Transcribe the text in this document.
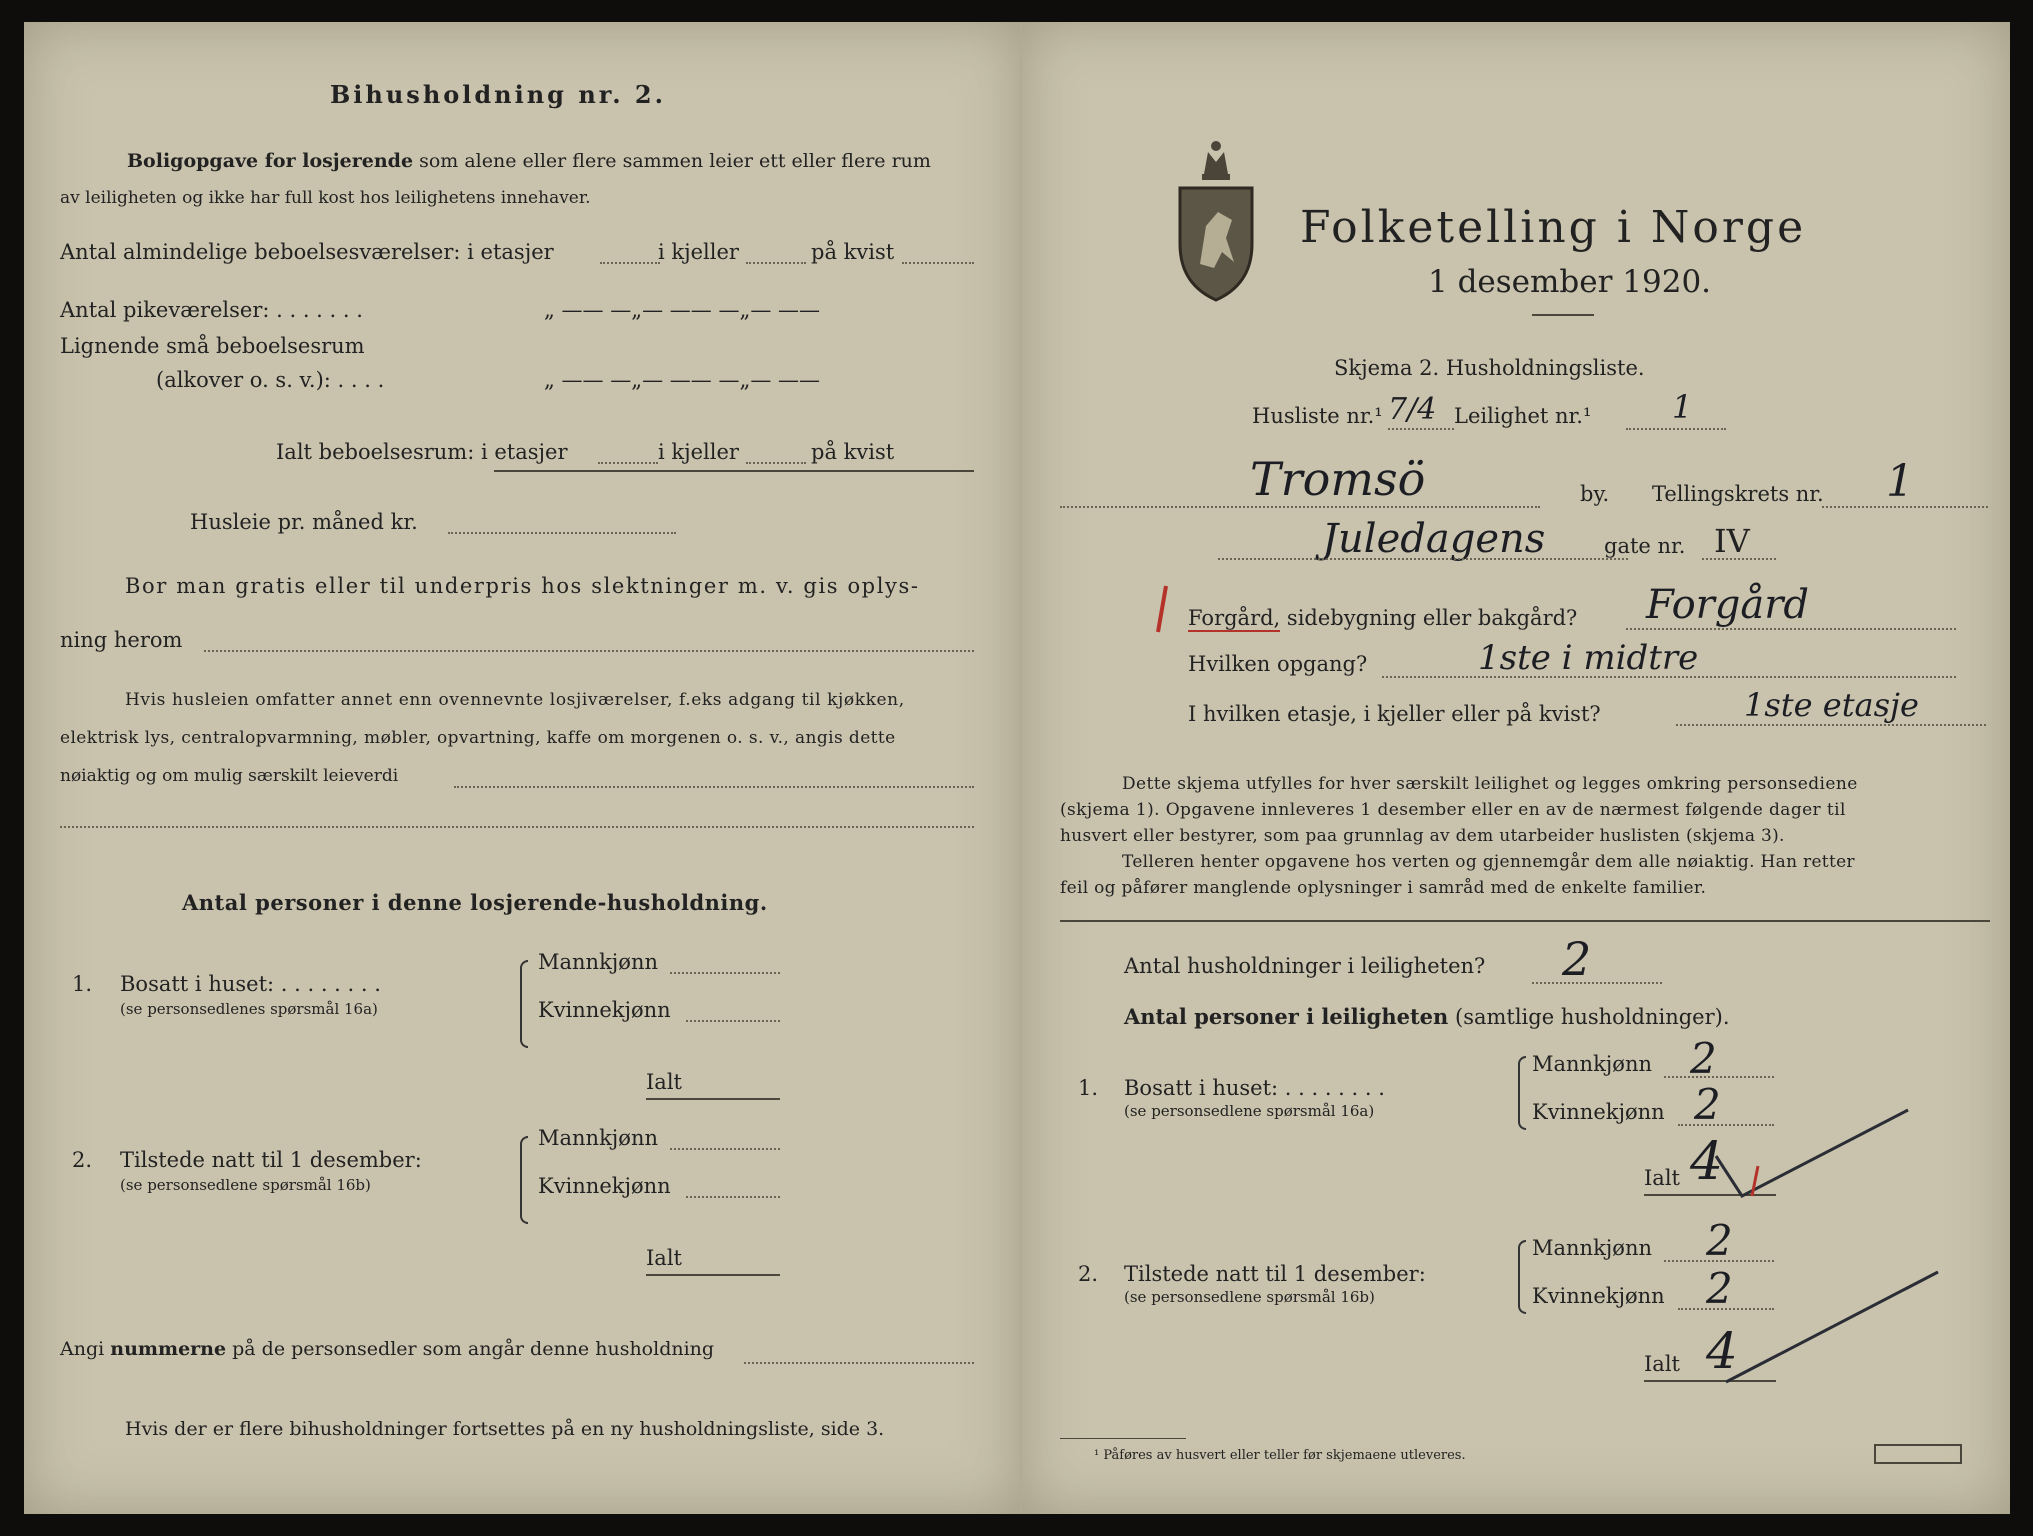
Bihusholdning nr. 2.
Boligopgave for losjerende som alene eller flere sammen leier ett eller flere rum
av leiligheten og ikke har full kost hos leilighetens innehaver.
Antal almindelige beboelsesværelser: i etasjer	i kjeller	på kvist
Antal pikeværelser: . . . . . . .	„ —— —„— —— —„— ——
Lignende små beboelsesrum
(alkover o. s. v.): . . . .	„ —— —„— —— —„— ——
Ialt beboelsesrum: i etasjer	i kjeller	på kvist
Husleie pr. måned kr.
Bor man gratis eller til underpris hos slektninger m. v. gis oplys-
ning herom
Hvis husleien omfatter annet enn ovennevnte losjiværelser, f.eks adgang til kjøkken,
elektrisk lys, centralopvarmning, møbler, opvartning, kaffe om morgenen o. s. v., angis dette
nøiaktig og om mulig særskilt leieverdi
Antal personer i denne losjerende-husholdning.
1. Bosatt i huset: . . . . . . . .
(se personsedlenes spørsmål 16a)
Mannkjønn
Kvinnekjønn
Ialt
2. Tilstede natt til 1 desember:
(se personsedlene spørsmål 16b)
Mannkjønn
Kvinnekjønn
Ialt
Angi nummerne på de personsedler som angår denne husholdning
Hvis der er flere bihusholdninger fortsettes på en ny husholdningsliste, side 3.
Folketelling i Norge
1 desember 1920.
Skjema 2. Husholdningsliste.
Husliste nr.¹ 7/4 Leilighet nr.¹	1
Tromsö	by. Tellingskrets nr. 1
Juledagens	gate nr. IV
Forgård, sidebygning eller bakgård? Forgård
Hvilken opgang?	1ste i midtre
I hvilken etasje, i kjeller eller på kvist?	1ste etasje
Dette skjema utfylles for hver særskilt leilighet og legges omkring personsediene
(skjema 1). Opgavene innleveres 1 desember eller en av de nærmest følgende dager til
husvert eller bestyrer, som paa grunnlag av dem utarbeider huslisten (skjema 3).
Telleren henter opgavene hos verten og gjennemgår dem alle nøiaktig. Han retter
feil og påfører manglende oplysninger i samråd med de enkelte familier.
Antal husholdninger i leiligheten? 2
Antal personer i leiligheten (samtlige husholdninger).
1. Bosatt i huset: . . . . . . . .
(se personsedlene spørsmål 16a)
Mannkjønn 2
Kvinnekjønn 2
Ialt 4
2. Tilstede natt til 1 desember:
(se personsedlene spørsmål 16b)
Mannkjønn 2
Kvinnekjønn 2
Ialt 4
¹ Påføres av husvert eller teller før skjemaene utleveres.
